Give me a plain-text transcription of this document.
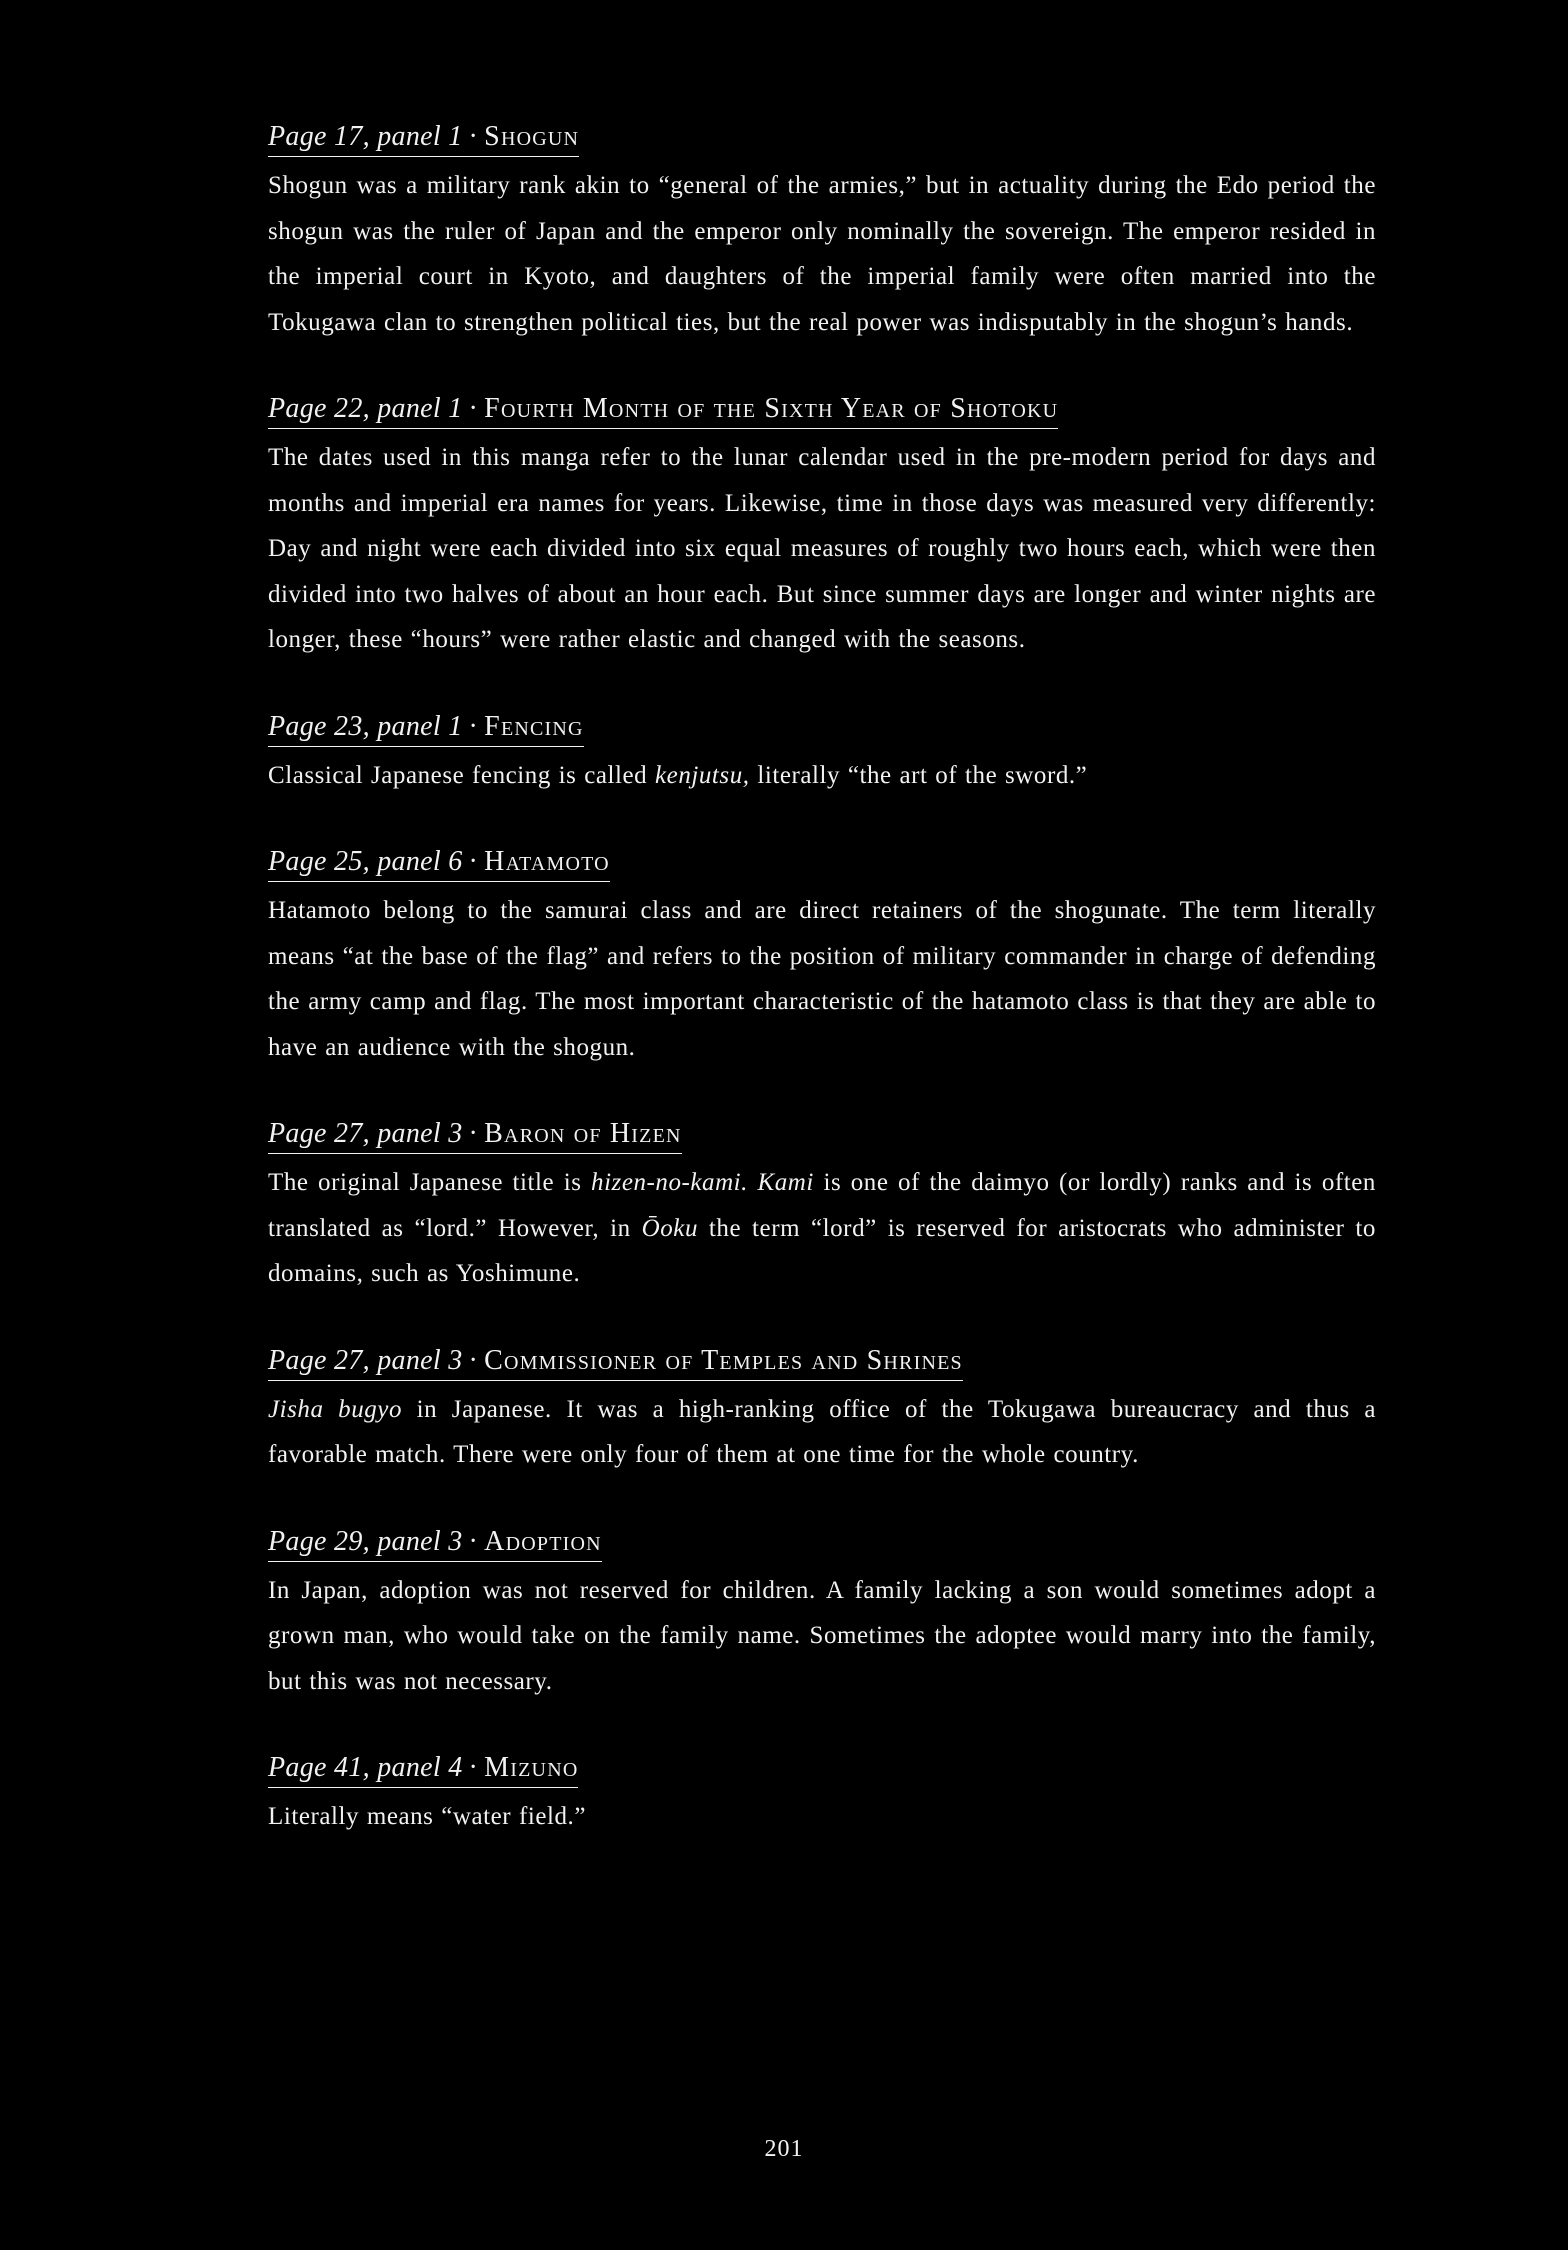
Page 17, panel 1 · Shogun
Shogun was a military rank akin to “general of the armies,” but in actuality during the Edo period the shogun was the ruler of Japan and the emperor only nominally the sovereign. The emperor resided in the imperial court in Kyoto, and daughters of the imperial family were often married into the Tokugawa clan to strengthen political ties, but the real power was indisputably in the shogun’s hands.
Page 22, panel 1 · Fourth Month of the Sixth Year of Shotoku
The dates used in this manga refer to the lunar calendar used in the pre-modern period for days and months and imperial era names for years. Likewise, time in those days was measured very differently: Day and night were each divided into six equal measures of roughly two hours each, which were then divided into two halves of about an hour each. But since summer days are longer and winter nights are longer, these “hours” were rather elastic and changed with the seasons.
Page 23, panel 1 · Fencing
Classical Japanese fencing is called kenjutsu, literally “the art of the sword.”
Page 25, panel 6 · Hatamoto
Hatamoto belong to the samurai class and are direct retainers of the shogunate. The term literally means “at the base of the flag” and refers to the position of military commander in charge of defending the army camp and flag. The most important characteristic of the hatamoto class is that they are able to have an audience with the shogun.
Page 27, panel 3 · Baron of Hizen
The original Japanese title is hizen-no-kami. Kami is one of the daimyo (or lordly) ranks and is often translated as “lord.” However, in Ōoku the term “lord” is reserved for aristocrats who administer to domains, such as Yoshimune.
Page 27, panel 3 · Commissioner of Temples and Shrines
Jisha bugyo in Japanese. It was a high-ranking office of the Tokugawa bureaucracy and thus a favorable match. There were only four of them at one time for the whole country.
Page 29, panel 3 · Adoption
In Japan, adoption was not reserved for children. A family lacking a son would sometimes adopt a grown man, who would take on the family name. Sometimes the adoptee would marry into the family, but this was not necessary.
Page 41, panel 4 · Mizuno
Literally means “water field.”
201
